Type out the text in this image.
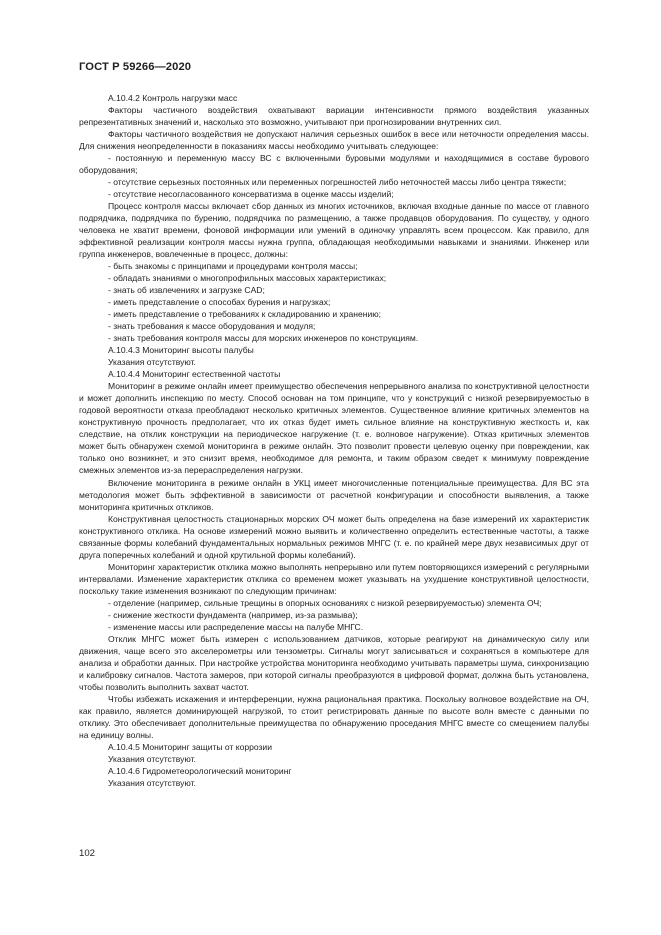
ГОСТ Р 59266—2020

А.10.4.2 Контроль нагрузки масс

Факторы частичного воздействия охватывают вариации интенсивности прямого воздействия указанных репрезентативных значений и, насколько это возможно, учитывают при прогнозировании внутренних сил.

Факторы частичного воздействия не допускают наличия серьезных ошибок в весе или неточности определения массы. Для снижения неопределенности в показаниях массы необходимо учитывать следующее:

- постоянную и переменную массу ВС с включенными буровыми модулями и находящимися в составе бурового оборудования;

- отсутствие серьезных постоянных или переменных погрешностей либо неточностей массы либо центра тяжести;

- отсутствие несогласованного консерватизма в оценке массы изделий;

Процесс контроля массы включает сбор данных из многих источников, включая входные данные по массе от главного подрядчика, подрядчика по бурению, подрядчика по размещению, а также продавцов оборудования. По существу, у одного человека не хватит времени, фоновой информации или умений в одиночку управлять всем процессом. Как правило, для эффективной реализации контроля массы нужна группа, обладающая необходимыми навыками и знаниями. Инженер или группа инженеров, вовлеченные в процесс, должны:

- быть знакомы с принципами и процедурами контроля массы;

- обладать знаниями о многопрофильных массовых характеристиках;

- знать об извлечениях и загрузке CAD;

- иметь представление о способах бурения и нагрузках;

- иметь представление о требованиях к складированию и хранению;

- знать требования к массе оборудования и модуля;

- знать требования контроля массы для морских инженеров по конструкциям.

А.10.4.3 Мониторинг высоты палубы

Указания отсутствуют.

А.10.4.4 Мониторинг естественной частоты

Мониторинг в режиме онлайн имеет преимущество обеспечения непрерывного анализа по конструктивной целостности и может дополнить инспекцию по месту. Способ основан на том принципе, что у конструкций с низкой резервируемостью в годовой вероятности отказа преобладают несколько критичных элементов. Существенное влияние критичных элементов на конструктивную прочность предполагает, что их отказ будет иметь сильное влияние на конструктивную жесткость и, как следствие, на отклик конструкции на периодическое нагружение (т. е. волновое нагружение). Отказ критичных элементов может быть обнаружен схемой мониторинга в режиме онлайн. Это позволит провести целевую оценку при повреждении, как только оно возникнет, и это снизит время, необходимое для ремонта, и таким образом сведет к минимуму повреждение смежных элементов из-за перераспределения нагрузки.

Включение мониторинга в режиме онлайн в УКЦ имеет многочисленные потенциальные преимущества. Для ВС эта методология может быть эффективной в зависимости от расчетной конфигурации и способности выявления, а также мониторинга критичных откликов.

Конструктивная целостность стационарных морских ОЧ может быть определена на базе измерений их характеристик конструктивного отклика. На основе измерений можно выявить и количественно определить естественные частоты, а также связанные формы колебаний фундаментальных нормальных режимов МНГС (т. е. по крайней мере двух независимых друг от друга поперечных колебаний и одной крутильной формы колебаний).

Мониторинг характеристик отклика можно выполнять непрерывно или путем повторяющихся измерений с регулярными интервалами. Изменение характеристик отклика со временем может указывать на ухудшение конструктивной целостности, поскольку такие изменения возникают по следующим причинам:

- отделение (например, сильные трещины в опорных основаниях с низкой резервируемостью) элемента ОЧ;

- снижение жесткости фундамента (например, из-за размыва);

- изменение массы или распределение массы на палубе МНГС.

Отклик МНГС может быть измерен с использованием датчиков, которые реагируют на динамическую силу или движения, чаще всего это акселерометры или тензометры. Сигналы могут записываться и сохраняться в компьютере для анализа и обработки данных. При настройке устройства мониторинга необходимо учитывать параметры шума, синхронизацию и калибровку сигналов. Частота замеров, при которой сигналы преобразуются в цифровой формат, должна быть установлена, чтобы позволить выполнить захват частот.

Чтобы избежать искажения и интерференции, нужна рациональная практика. Поскольку волновое воздействие на ОЧ, как правило, является доминирующей нагрузкой, то стоит регистрировать данные по высоте волн вместе с данными по отклику. Это обеспечивает дополнительные преимущества по обнаружению проседания МНГС вместе со смещением палубы на единицу волны.

А.10.4.5 Мониторинг защиты от коррозии

Указания отсутствуют.

А.10.4.6 Гидрометеорологический мониторинг

Указания отсутствуют.

102
